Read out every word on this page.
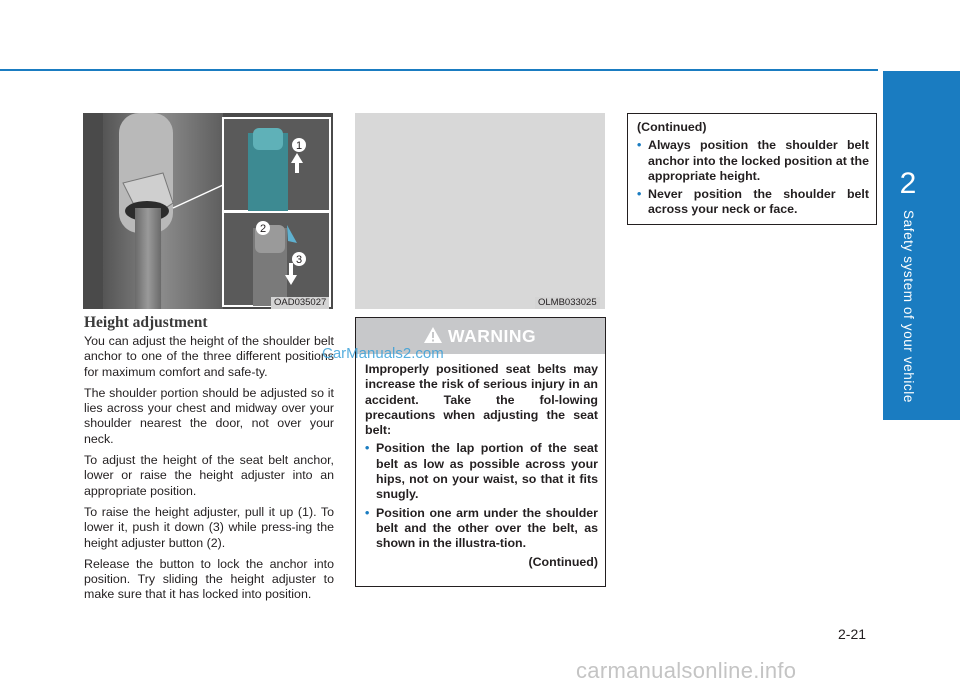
2
Safety system of your vehicle
1
2
3
OAD035027	OLMB033025
Height adjustment

You can adjust the height of the shoulder belt anchor to one of the three different positions for maximum comfort and safe-ty.

The shoulder portion should be adjusted so it lies across your chest and midway over your shoulder nearest the door, not over your neck.

To adjust the height of the seat belt anchor, lower or raise the height adjuster into an appropriate position.

To raise the height adjuster, pull it up (1). To lower it, push it down (3) while press-ing the height adjuster button (2).

Release the button to lock the anchor into position. Try sliding the height adjuster to make sure that it has locked into position.

WARNING
Improperly positioned seat belts may increase the risk of serious injury in an accident. Take the fol-lowing precautions when adjusting the seat belt:
• Position the lap portion of the seat belt as low as possible across your hips, not on your waist, so that it fits snugly.
• Position one arm under the shoulder belt and the other over the belt, as shown in the illustra-tion.
(Continued)
(Continued)
• Always position the shoulder belt anchor into the locked position at the appropriate height.
• Never position the shoulder belt across your neck or face.
CarManuals2.com
2-21
carmanualsonline.info
